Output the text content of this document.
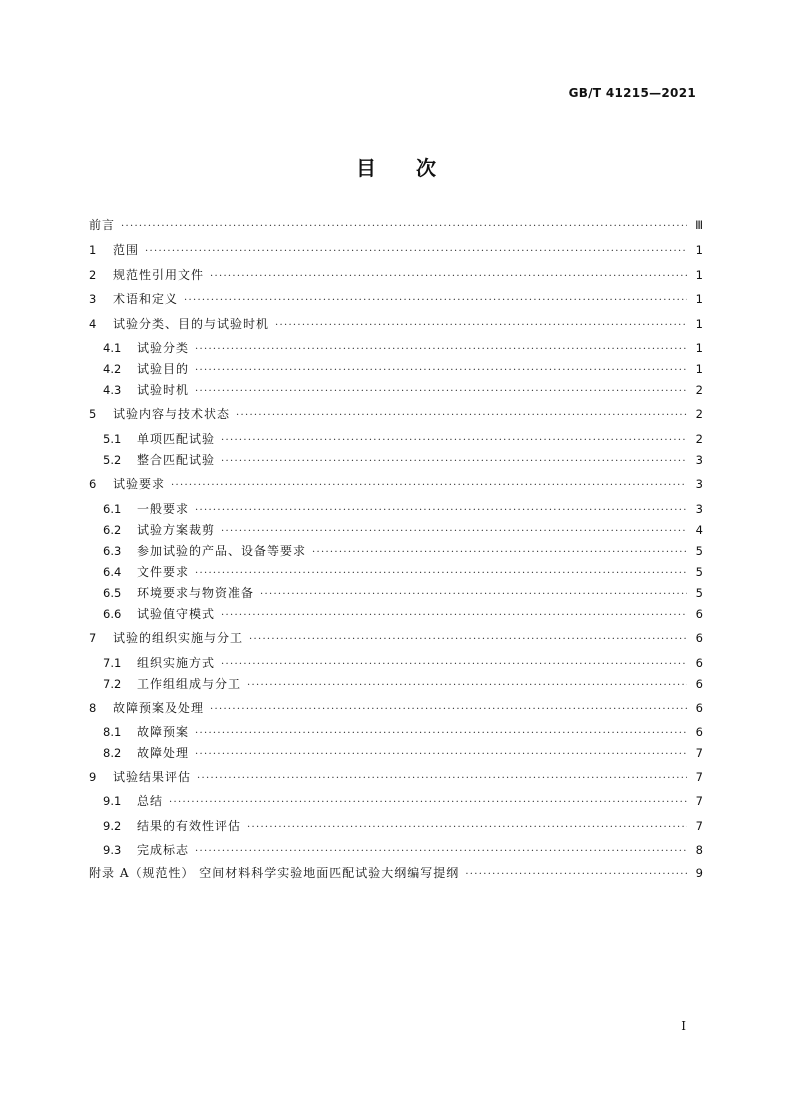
GB/T 41215—2021
目次
前言 ·····	Ⅲ
1	范围 ·····	1
2	规范性引用文件 ·····	1
3	术语和定义 ·····	1
4	试验分类、目的与试验时机 ·····	1
4.1	试验分类 ·····	1
4.2	试验目的 ·····	1
4.3	试验时机 ·····	2
5	试验内容与技术状态 ·····	2
5.1	单项匹配试验 ·····	2
5.2	整合匹配试验 ·····	3
6	试验要求 ·····	3
6.1	一般要求 ·····	3
6.2	试验方案裁剪 ·····	4
6.3	参加试验的产品、设备等要求 ·····	5
6.4	文件要求 ·····	5
6.5	环境要求与物资准备 ·····	5
6.6	试验值守模式 ·····	6
7	试验的组织实施与分工 ·····	6
7.1	组织实施方式 ·····	6
7.2	工作组组成与分工 ·····	6
8	故障预案及处理 ·····	6
8.1	故障预案 ·····	6
8.2	故障处理 ·····	7
9	试验结果评估 ·····	7
9.1	总结 ·····	7
9.2	结果的有效性评估 ·····	7
9.3	完成标志 ·····	8
附录 A（规范性） 空间材料科学实验地面匹配试验大纲编写提纲 ·····	9
I
